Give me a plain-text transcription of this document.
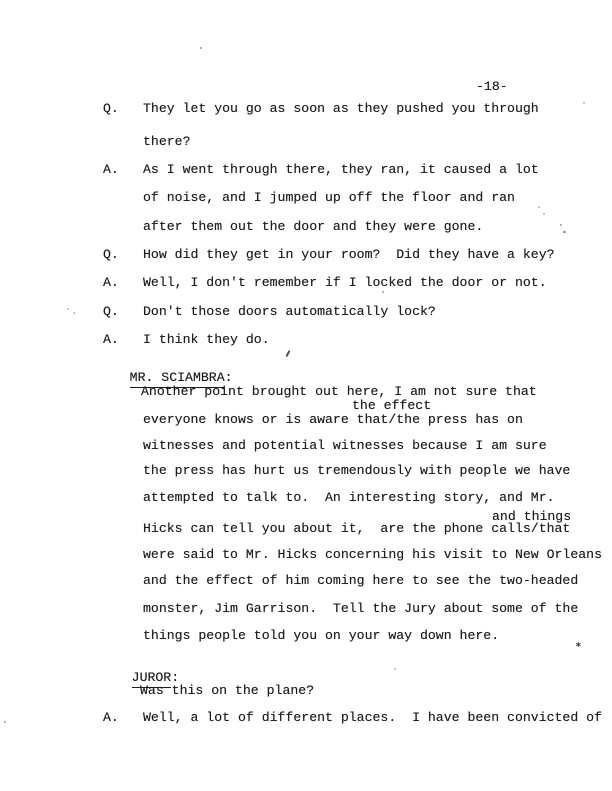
-18-
Q. They let you go as soon as they pushed you through
there?
A. As I went through there, they ran, it caused a lot
of noise, and I jumped up off the floor and ran
after them out the door and they were gone.
Q. How did they get in your room?  Did they have a key?
A. Well, I don't remember if I locked the door or not.
Q. Don't those doors automatically lock?
A. I think they do.

MR. SCIAMBRA:

Another point brought out here, I am not sure that
the effect
everyone knows or is aware that/the press has on
witnesses and potential witnesses because I am sure
the press has hurt us tremendously with people we have
attempted to talk to.  An interesting story, and Mr.
and things
Hicks can tell you about it,  are the phone calls/that
were said to Mr. Hicks concerning his visit to New Orleans
and the effect of him coming here to see the two-headed
monster, Jim Garrison.  Tell the Jury about some of the
things people told you on your way down here.

JUROR:

Was this on the plane?
A. Well, a lot of different places.  I have been convicted of
∗
